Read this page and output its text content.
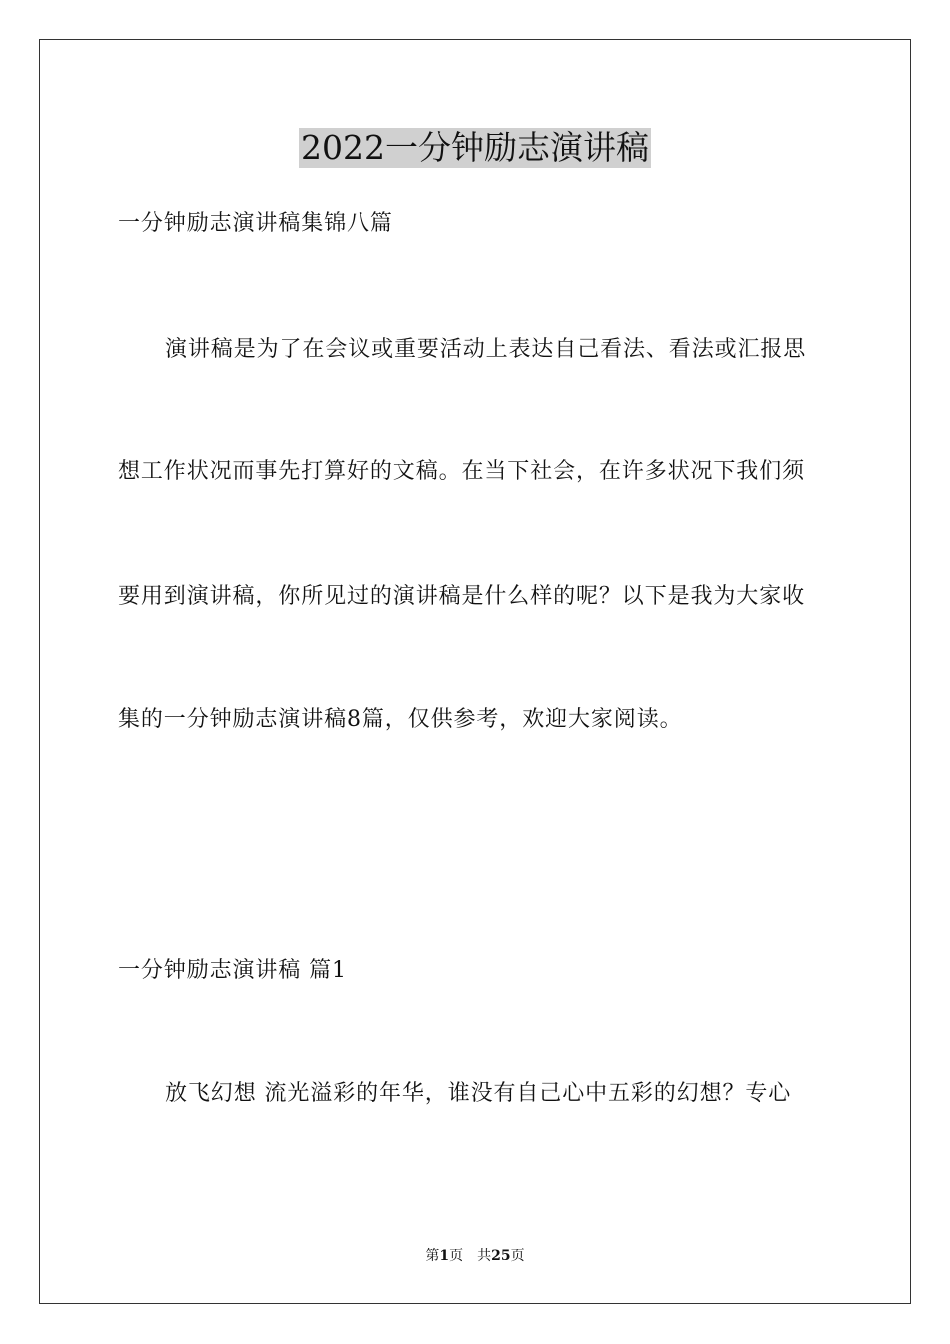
2022一分钟励志演讲稿
一分钟励志演讲稿集锦八篇
演讲稿是为了在会议或重要活动上表达自己看法、看法或汇报思
想工作状况而事先打算好的文稿。在当下社会，在许多状况下我们须
要用到演讲稿，你所见过的演讲稿是什么样的呢？以下是我为大家收
集的一分钟励志演讲稿8篇，仅供参考，欢迎大家阅读。
一分钟励志演讲稿 篇1
放飞幻想 流光溢彩的年华，谁没有自己心中五彩的幻想？专心
第1页 共25页
